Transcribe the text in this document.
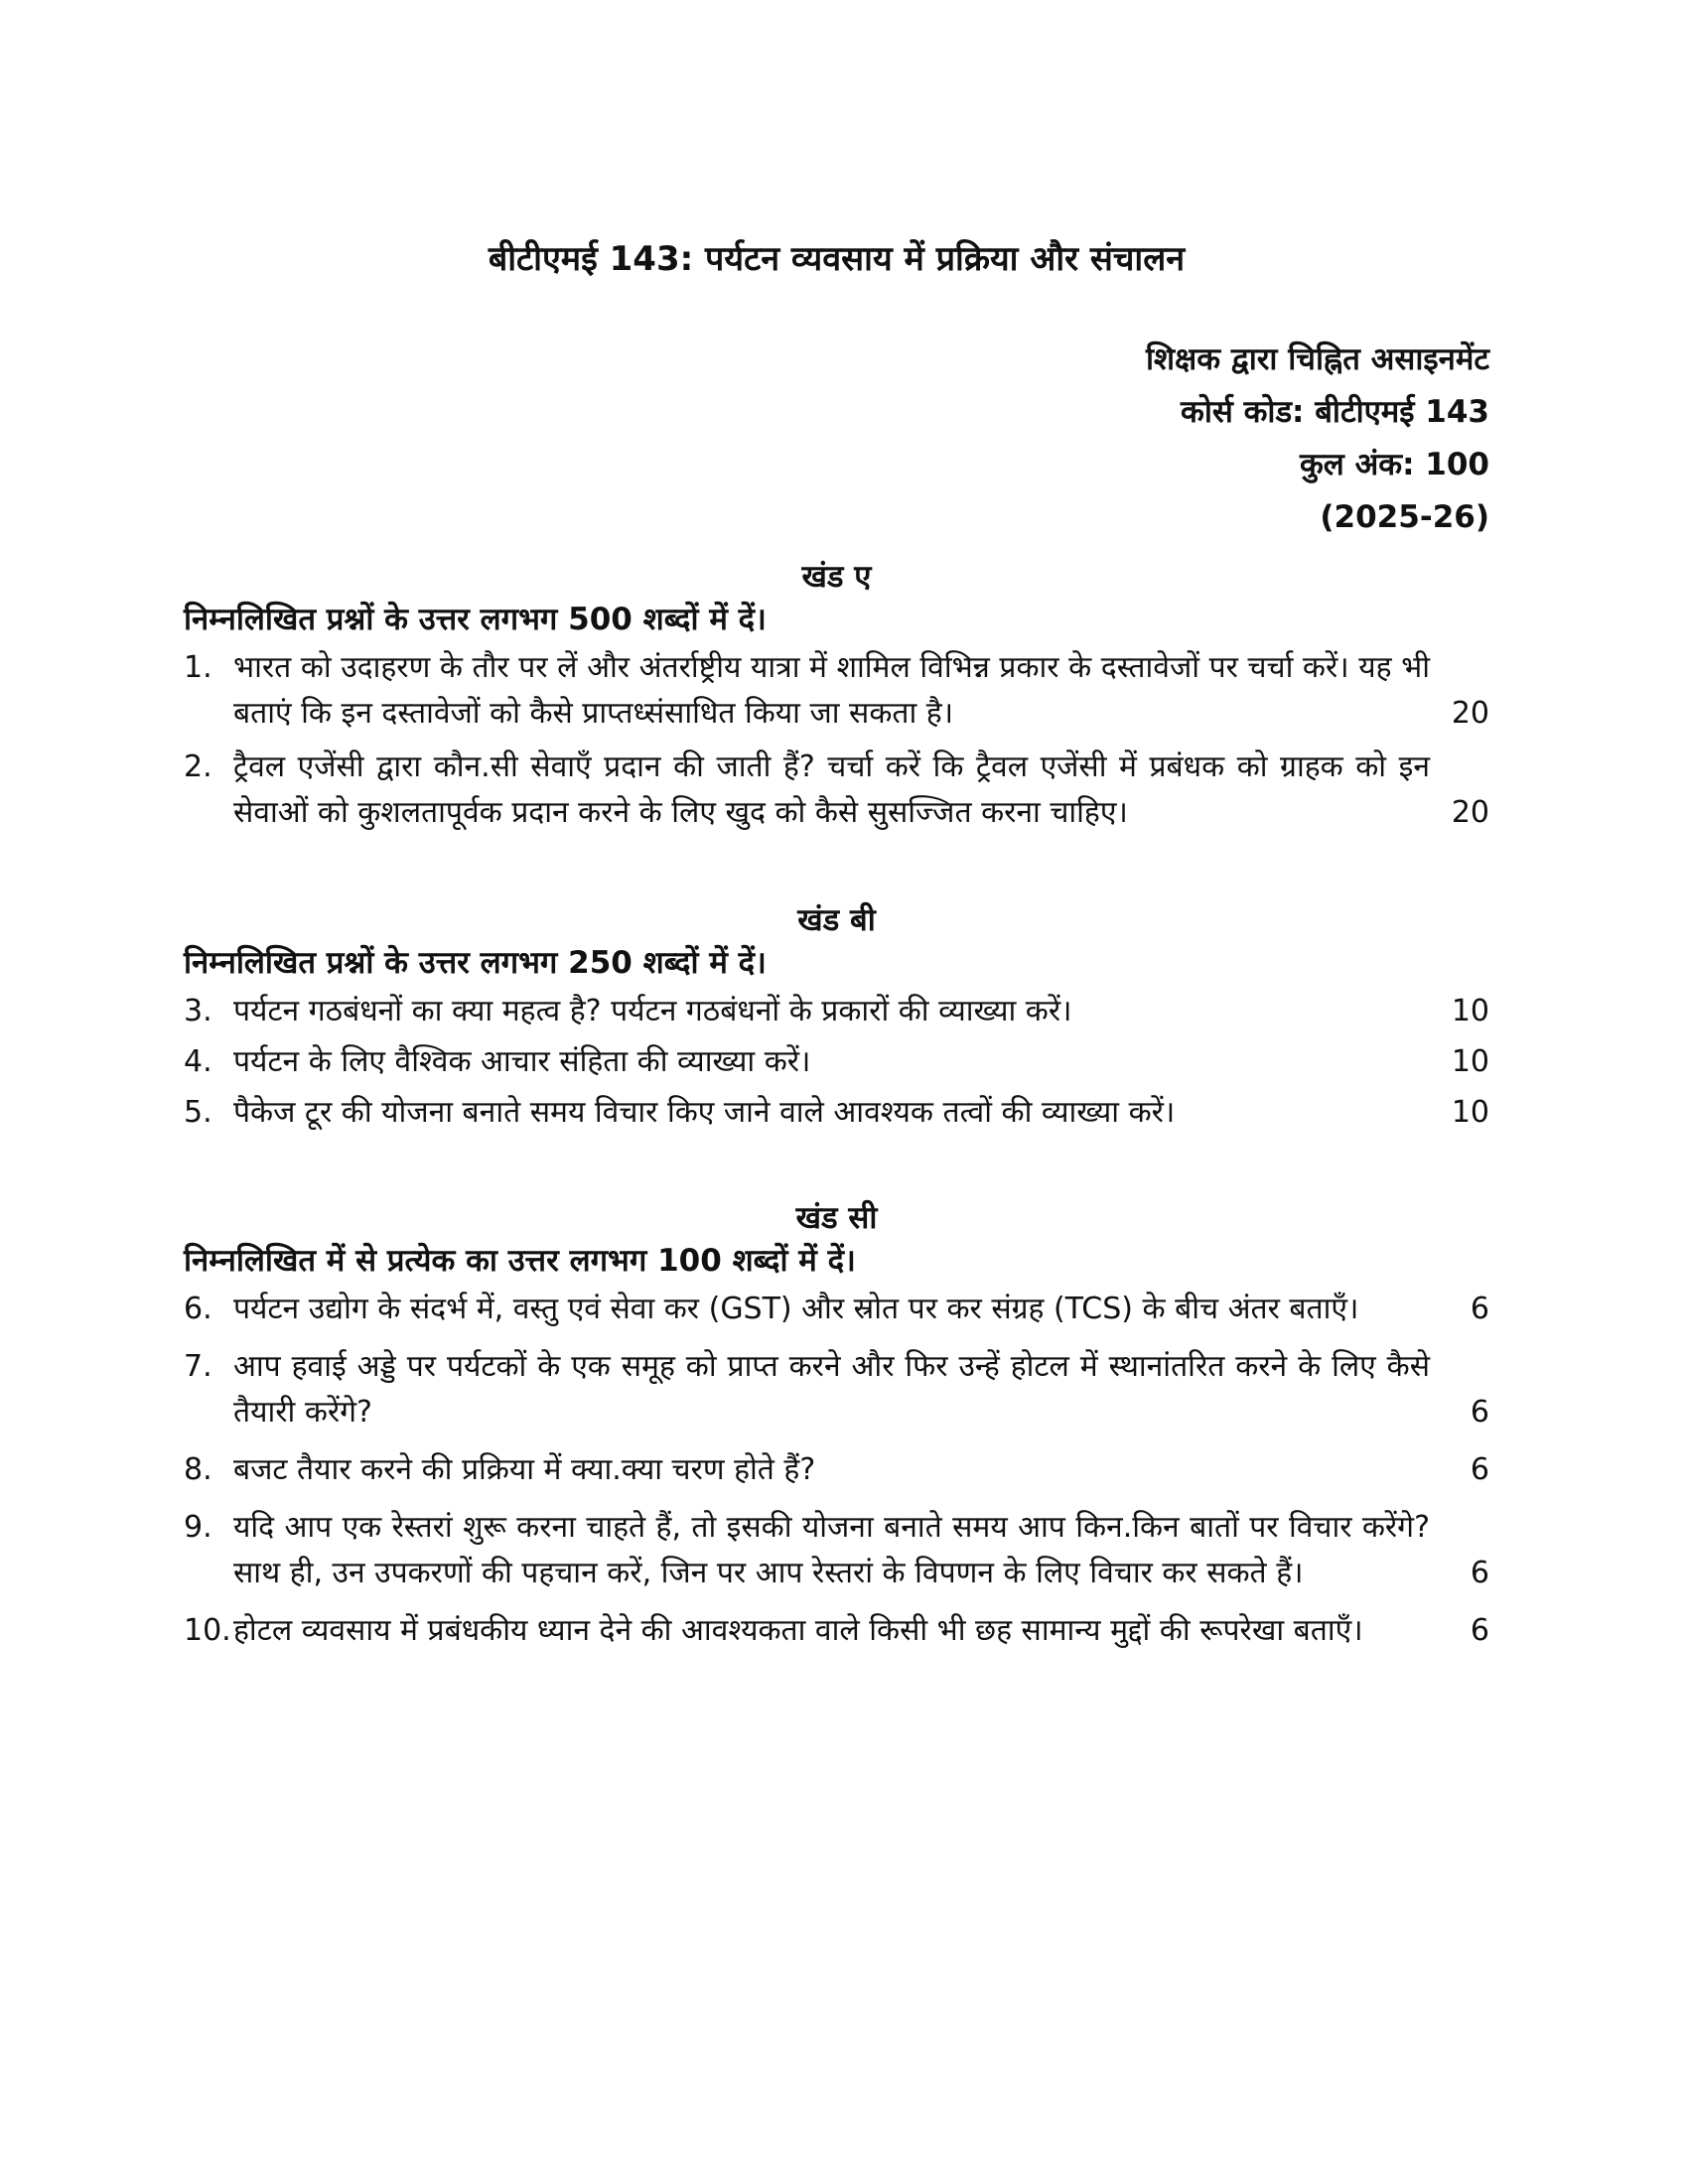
बीटीएमई 143: पर्यटन व्यवसाय में प्रक्रिया और संचालन
शिक्षक द्वारा चिह्नित असाइनमेंट
कोर्स कोड: बीटीएमई 143
कुल अंक: 100
(2025-26)
खंड ए
निम्नलिखित प्रश्नों के उत्तर लगभग 500 शब्दों में दें।
1. भारत को उदाहरण के तौर पर लें और अंतर्राष्ट्रीय यात्रा में शामिल विभिन्न प्रकार के दस्तावेजों पर चर्चा करें। यह भी बताएं कि इन दस्तावेजों को कैसे प्राप्तध्संसाधित किया जा सकता है।	20
2. ट्रैवल एजेंसी द्वारा कौन.सी सेवाएँ प्रदान की जाती हैं? चर्चा करें कि ट्रैवल एजेंसी में प्रबंधक को ग्राहक को इन सेवाओं को कुशलतापूर्वक प्रदान करने के लिए खुद को कैसे सुसज्जित करना चाहिए।	20
खंड बी
निम्नलिखित प्रश्नों के उत्तर लगभग 250 शब्दों में दें।
3. पर्यटन गठबंधनों का क्या महत्व है? पर्यटन गठबंधनों के प्रकारों की व्याख्या करें।	10
4. पर्यटन के लिए वैश्विक आचार संहिता की व्याख्या करें।	10
5. पैकेज टूर की योजना बनाते समय विचार किए जाने वाले आवश्यक तत्वों की व्याख्या करें।	10
खंड सी
निम्नलिखित में से प्रत्येक का उत्तर लगभग 100 शब्दों में दें।
6. पर्यटन उद्योग के संदर्भ में, वस्तु एवं सेवा कर (GST) और स्रोत पर कर संग्रह (TCS) के बीच अंतर बताएँ।	6
7. आप हवाई अड्डे पर पर्यटकों के एक समूह को प्राप्त करने और फिर उन्हें होटल में स्थानांतरित करने के लिए कैसे तैयारी करेंगे?	6
8. बजट तैयार करने की प्रक्रिया में क्या.क्या चरण होते हैं?	6
9. यदि आप एक रेस्तरां शुरू करना चाहते हैं, तो इसकी योजना बनाते समय आप किन.किन बातों पर विचार करेंगे? साथ ही, उन उपकरणों की पहचान करें, जिन पर आप रेस्तरां के विपणन के लिए विचार कर सकते हैं।	6
10. होटल व्यवसाय में प्रबंधकीय ध्यान देने की आवश्यकता वाले किसी भी छह सामान्य मुद्दों की रूपरेखा बताएँ।	6
